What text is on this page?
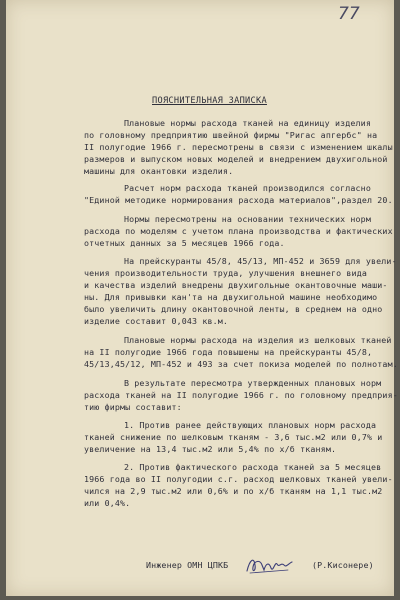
77
ПОЯСНИТЕЛЬНАЯ ЗАПИСКА
Плановые нормы расхода тканей на единицу изделия
по головному предприятию швейной фирмы "Ригас апгербс" на
II полугодие 1966 г. пересмотрены в связи с изменением шкалы
размеров и выпуском новых моделей и внедрением двухигольной
машины для окантовки изделия.
Расчет норм расхода тканей производился согласно
"Единой методике нормирования расхода материалов",раздел 20.
Нормы пересмотрены на основании технических норм
расхода по моделям с учетом плана производства и фактических
отчетных данных за 5 месяцев 1966 года.
На прейскуранты 45/8, 45/13, МП-452 и 3659 для увели-
чения производительности труда, улучшения внешнего вида
и качества изделий внедрены двухигольные окантовочные маши-
ны. Для привывки кан'та на двухигольной машине необходимо
было увеличить длину окантовочной ленты, в среднем на одно
изделие составит 0,043 кв.м.
Плановые нормы расхода на изделия из шелковых тканей
на II полугодие 1966 года повышены на прейскуранты 45/8,
45/13,45/12, МП-452 и 493 за счет покиза моделей по полнотам.
В результате пересмотра утвержденных плановых норм
расхода тканей на II полугодие 1966 г. по головному предприя-
тию фирмы составит:
1. Против ранее действующих плановых норм расхода
тканей снижение по шелковым тканям - 3,6 тыс.м2 или 0,7% и
увеличение на 13,4 тыс.м2 или 5,4% по х/б тканям.
2. Против фактического расхода тканей за 5 месяцев
1966 года во II полугодии с.г. расход шелковых тканей увели-
чился на 2,9 тыс.м2 или 0,6% и по х/б тканям на 1,1 тыс.м2
или 0,4%.
Инженер ОМН ЦПКБ	(Р.Кисонере)
